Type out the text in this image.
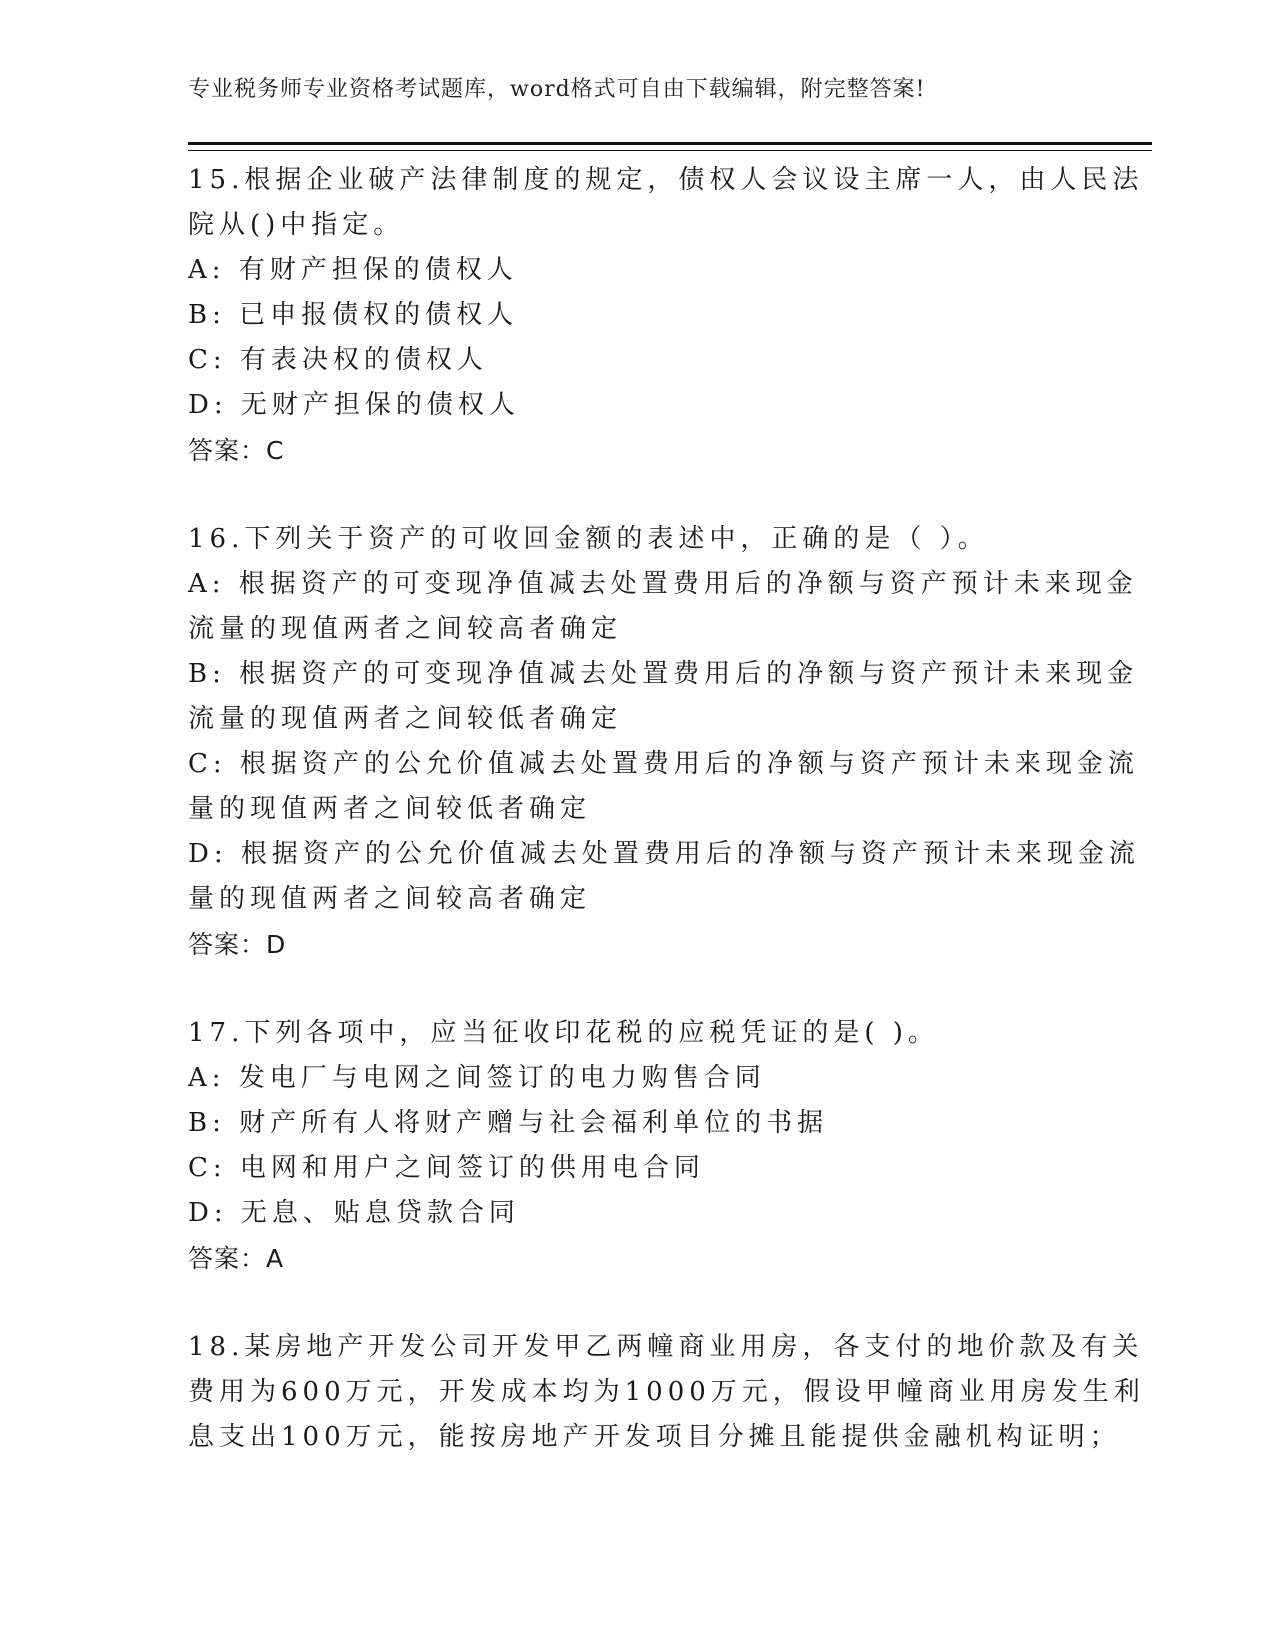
专业税务师专业资格考试题库，word格式可自由下载编辑，附完整答案!
15.根据企业破产法律制度的规定，债权人会议设主席一人，由人民法
院从()中指定。
A: 有财产担保的债权人
B: 已申报债权的债权人
C: 有表决权的债权人
D: 无财产担保的债权人
答案：C
16.下列关于资产的可收回金额的表述中，正确的是（ ）。
A: 根据资产的可变现净值减去处置费用后的净额与资产预计未来现金
流量的现值两者之间较高者确定
B: 根据资产的可变现净值减去处置费用后的净额与资产预计未来现金
流量的现值两者之间较低者确定
C: 根据资产的公允价值减去处置费用后的净额与资产预计未来现金流
量的现值两者之间较低者确定
D: 根据资产的公允价值减去处置费用后的净额与资产预计未来现金流
量的现值两者之间较高者确定
答案：D
17.下列各项中，应当征收印花税的应税凭证的是( )。
A: 发电厂与电网之间签订的电力购售合同
B: 财产所有人将财产赠与社会福利单位的书据
C: 电网和用户之间签订的供用电合同
D: 无息、贴息贷款合同
答案：A
18.某房地产开发公司开发甲乙两幢商业用房，各支付的地价款及有关
费用为600万元，开发成本均为1000万元，假设甲幢商业用房发生利
息支出100万元，能按房地产开发项目分摊且能提供金融机构证明；
